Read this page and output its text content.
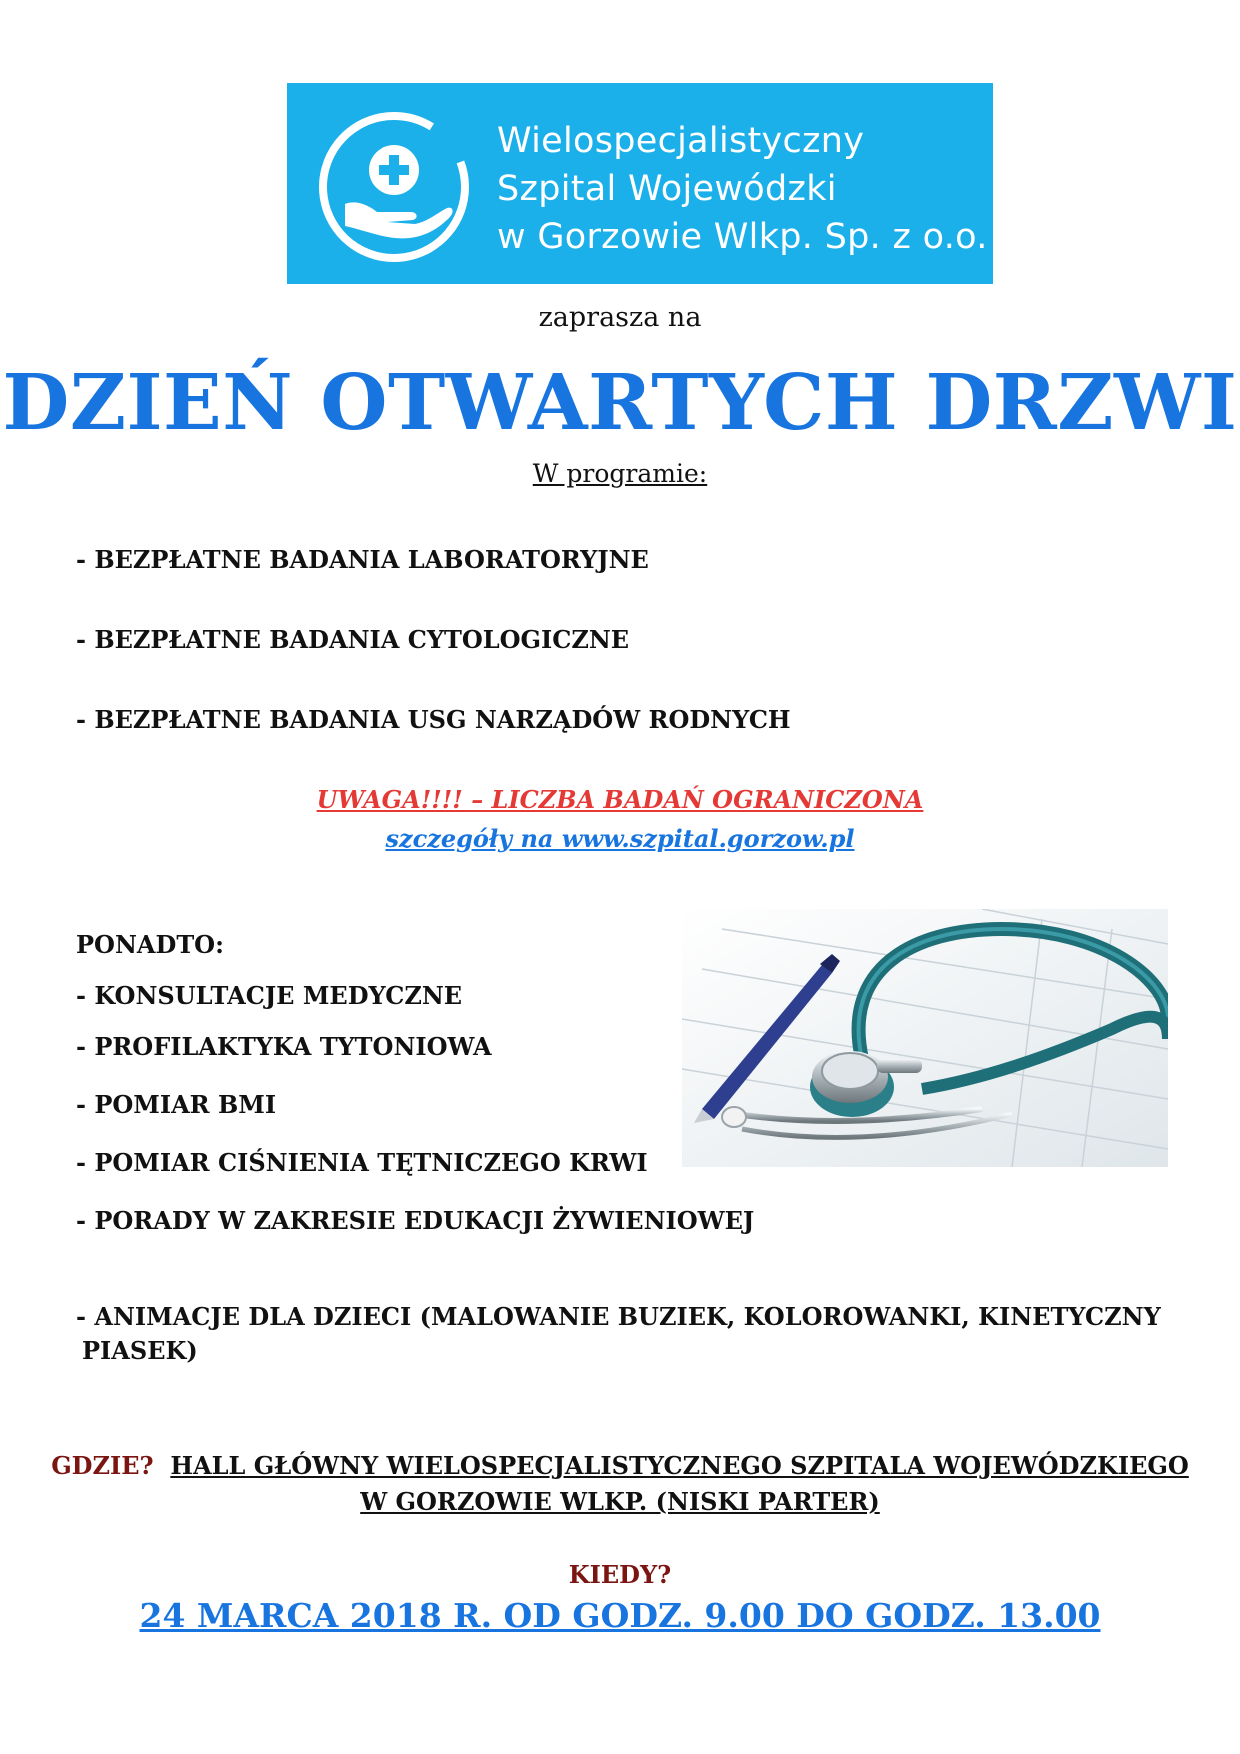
Wielospecjalistyczny
Szpital Wojewódzki
w Gorzowie Wlkp. Sp. z o.o.
zaprasza na
DZIEŃ OTWARTYCH DRZWI
W programie:
- BEZPŁATNE BADANIA LABORATORYJNE
- BEZPŁATNE BADANIA CYTOLOGICZNE
- BEZPŁATNE BADANIA USG NARZĄDÓW RODNYCH
UWAGA!!!! – LICZBA BADAŃ OGRANICZONA
szczegóły na www.szpital.gorzow.pl
PONADTO:
- KONSULTACJE MEDYCZNE
- PROFILAKTYKA TYTONIOWA
- POMIAR BMI
- POMIAR CIŚNIENIA TĘTNICZEGO KRWI
- PORADY W ZAKRESIE EDUKACJI ŻYWIENIOWEJ
- ANIMACJE DLA DZIECI (MALOWANIE BUZIEK, KOLOROWANKI, KINETYCZNY
PIASEK)
GDZIE? HALL GŁÓWNY WIELOSPECJALISTYCZNEGO SZPITALA WOJEWÓDZKIEGO
W GORZOWIE WLKP. (NISKI PARTER)
KIEDY?
24 MARCA 2018 R. OD GODZ. 9.00 DO GODZ. 13.00
